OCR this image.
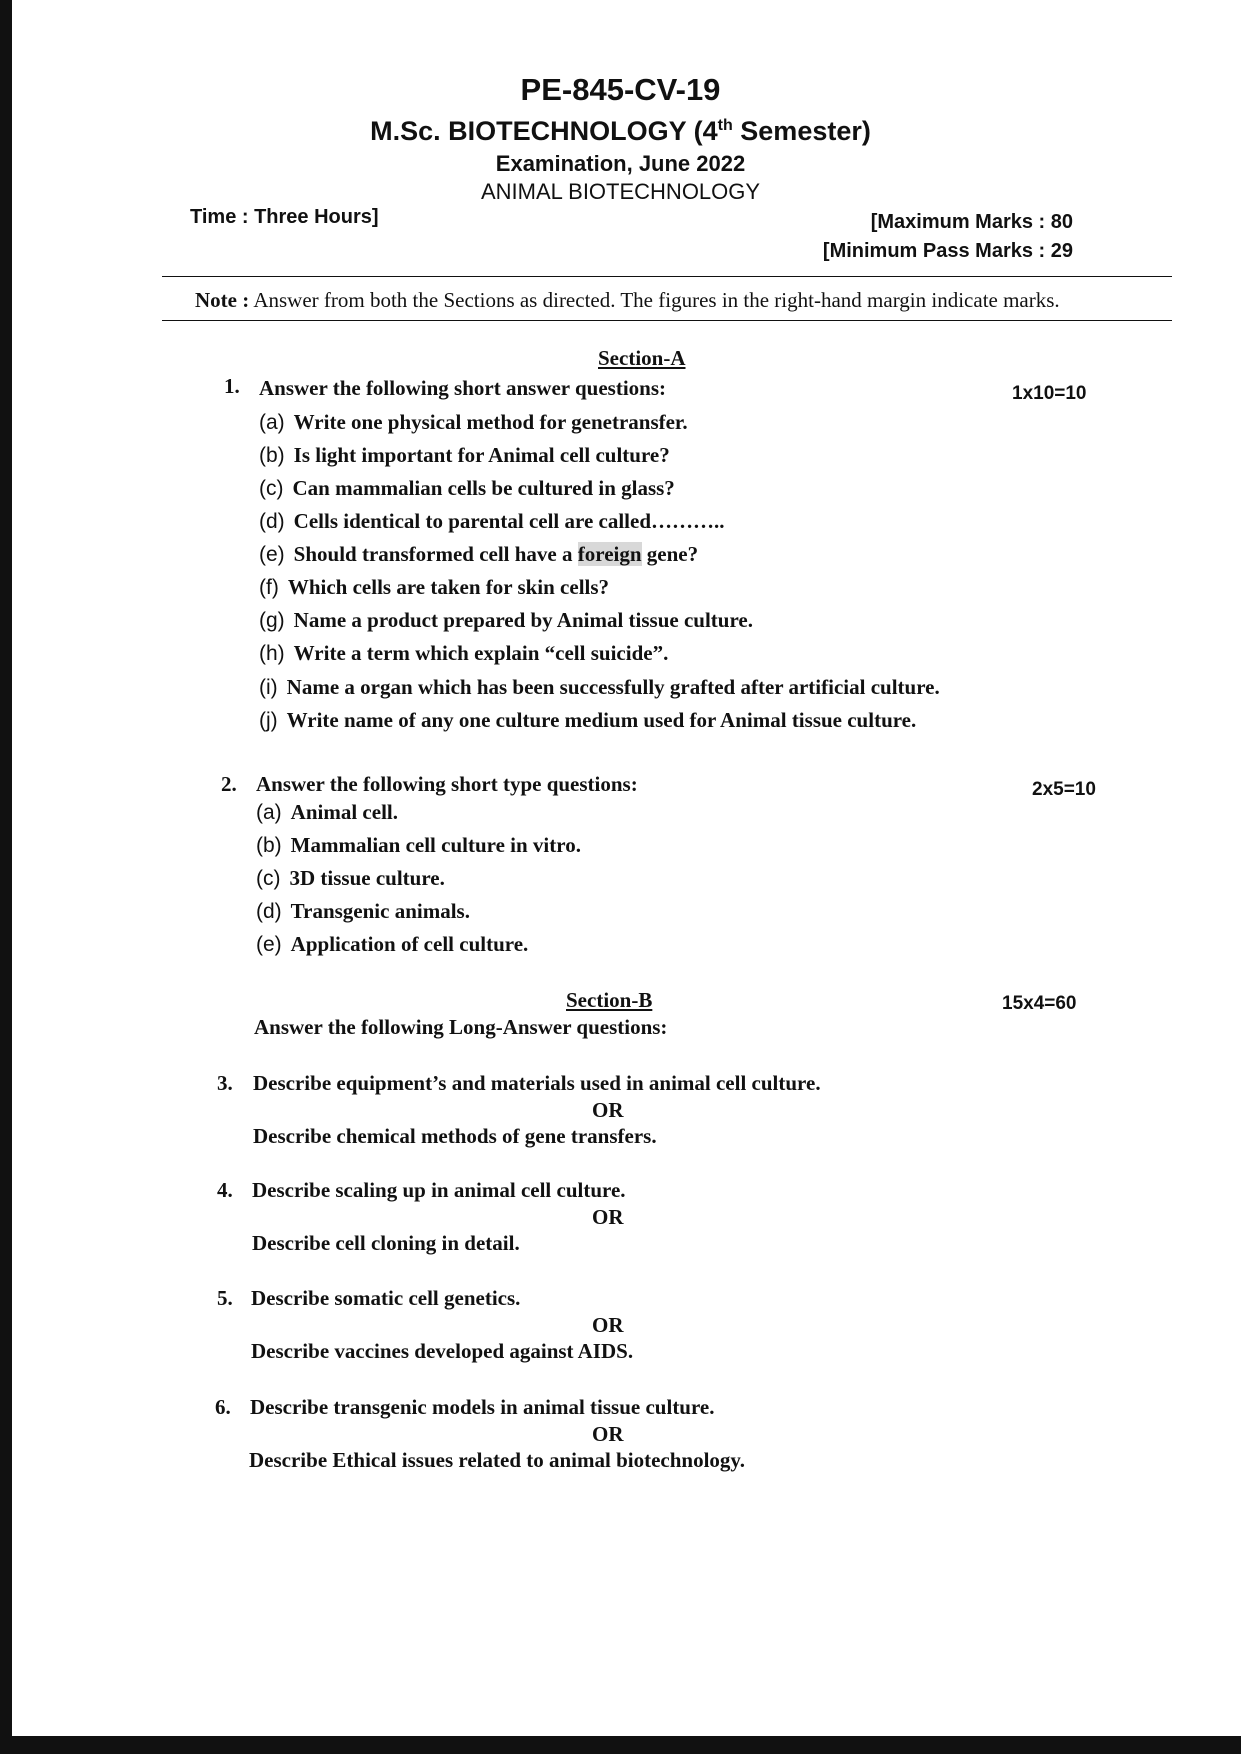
PE-845-CV-19
M.Sc. BIOTECHNOLOGY (4th Semester)
Examination, June 2022
ANIMAL BIOTECHNOLOGY
Time : Three Hours]	[Maximum Marks : 80
[Minimum Pass Marks : 29
Note : Answer from both the Sections as directed. The figures in the right-hand margin indicate marks.
Section-A
1. Answer the following short answer questions:	1x10=10
(a) Write one physical method for genetransfer.
(b) Is light important for Animal cell culture?
(c) Can mammalian cells be cultured in glass?
(d) Cells identical to parental cell are called………..
(e) Should transformed cell have a foreign gene?
(f) Which cells are taken for skin cells?
(g) Name a product prepared by Animal tissue culture.
(h) Write a term which explain “cell suicide”.
(i) Name a organ which has been successfully grafted after artificial culture.
(j) Write name of any one culture medium used for Animal tissue culture.
2. Answer the following short type questions:	2x5=10
(a) Animal cell.
(b) Mammalian cell culture in vitro.
(c) 3D tissue culture.
(d) Transgenic animals.
(e) Application of cell culture.
Section-B	15x4=60
Answer the following Long-Answer questions:
3. Describe equipment’s and materials used in animal cell culture.
OR
Describe chemical methods of gene transfers.
4. Describe scaling up in animal cell culture.
OR
Describe cell cloning in detail.
5. Describe somatic cell genetics.
OR
Describe vaccines developed against AIDS.
6. Describe transgenic models in animal tissue culture.
OR
Describe Ethical issues related to animal biotechnology.
